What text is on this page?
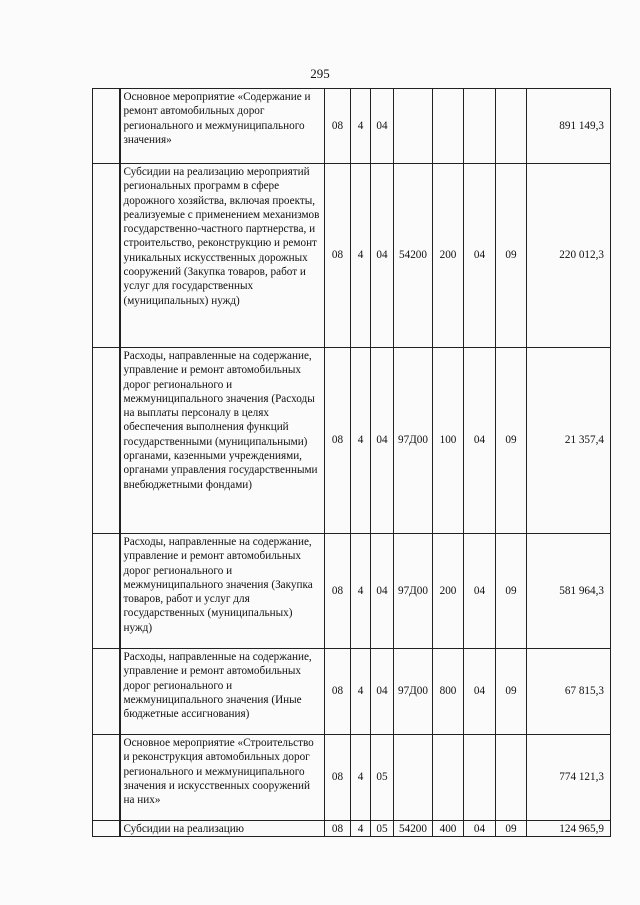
295
	Основное мероприятие «Содержание и ремонт автомобильных дорог регионального и межмуниципального значения»	08	4	04					891 149,3
	Субсидии на реализацию мероприятий региональных программ в сфере дорожного хозяйства, включая проекты, реализуемые с применением механизмов государственно-частного партнерства, и строительство, реконструкцию и ремонт уникальных искусственных дорожных сооружений (Закупка товаров, работ и услуг для государственных (муниципальных) нужд)	08	4	04	54200	200	04	09	220 012,3
	Расходы, направленные на содержание, управление и ремонт автомобильных дорог регионального и межмуниципального значения (Расходы на выплаты персоналу в целях обеспечения выполнения функций государственными (муниципальными) органами, казенными учреждениями, органами управления государственными внебюджетными фондами)	08	4	04	97Д00	100	04	09	21 357,4
	Расходы, направленные на содержание, управление и ремонт автомобильных дорог регионального и межмуниципального значения (Закупка товаров, работ и услуг для государственных (муниципальных) нужд)	08	4	04	97Д00	200	04	09	581 964,3
	Расходы, направленные на содержание, управление и ремонт автомобильных дорог регионального и межмуниципального значения (Иные бюджетные ассигнования)	08	4	04	97Д00	800	04	09	67 815,3
	Основное мероприятие «Строительство и реконструкция автомобильных дорог регионального и межмуниципального значения и искусственных сооружений на них»	08	4	05					774 121,3
	Субсидии на реализацию	08	4	05	54200	400	04	09	124 965,9
